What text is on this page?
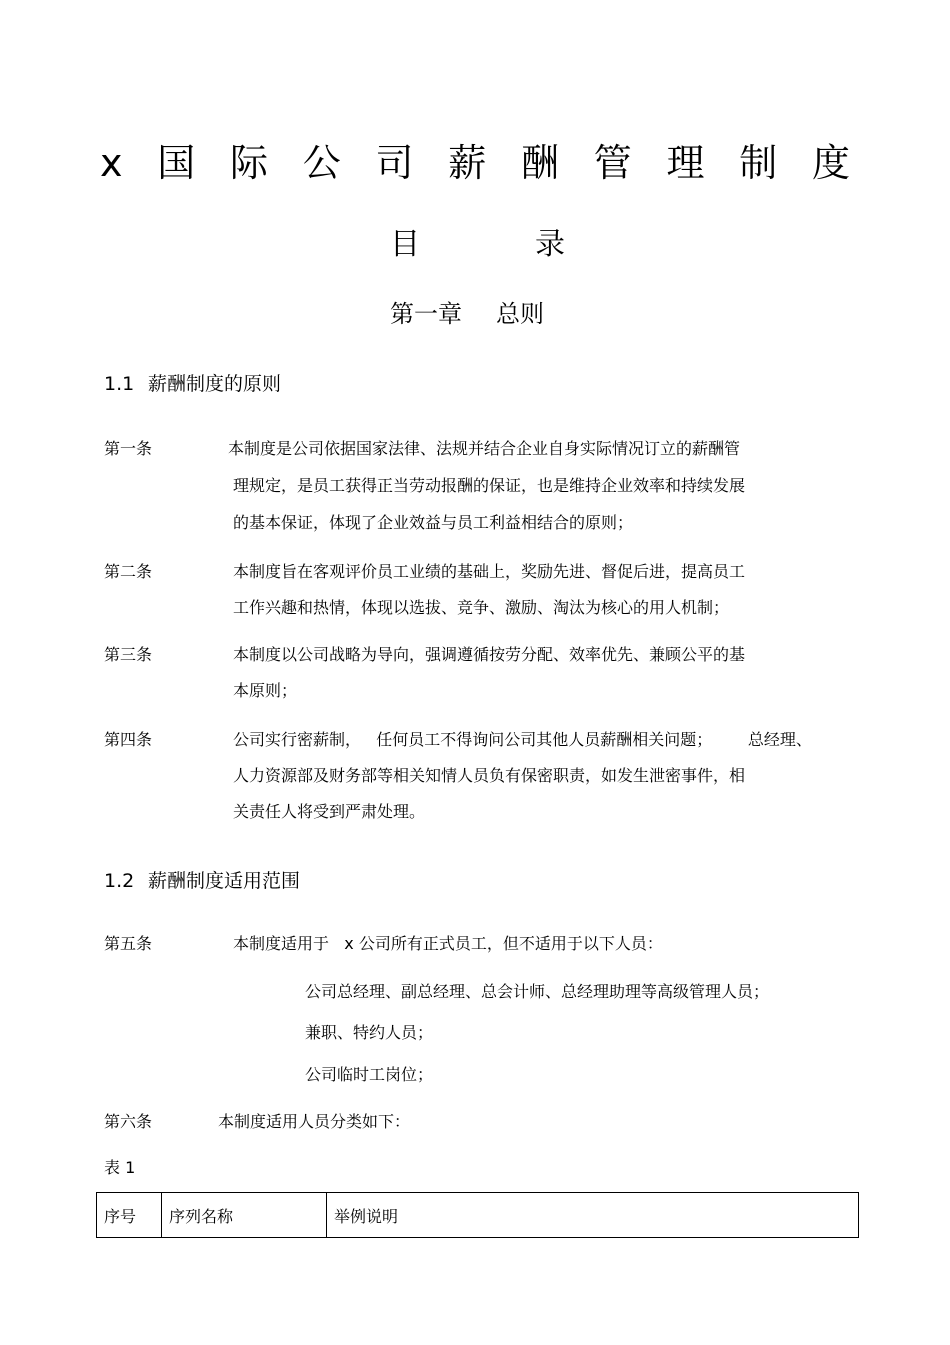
x 国 际 公 司 薪 酬 管 理 制 度
目	录
第一章 总则
1.1 薪酬制度的原则
第一条	本制度是公司依据国家法律、法规并结合企业自身实际情况订立的薪酬管
理规定，是员工获得正当劳动报酬的保证，也是维持企业效率和持续发展
的基本保证，体现了企业效益与员工利益相结合的原则；
第二条	本制度旨在客观评价员工业绩的基础上，奖励先进、督促后进，提高员工
工作兴趣和热情，体现以选拔、竞争、激励、淘汰为核心的用人机制；
第三条	本制度以公司战略为导向，强调遵循按劳分配、效率优先、兼顾公平的基
本原则；
第四条	公司实行密薪制，   任何员工不得询问公司其他人员薪酬相关问题；       总经理、
人力资源部及财务部等相关知情人员负有保密职责，如发生泄密事件，相
关责任人将受到严肃处理。
1.2 薪酬制度适用范围
第五条	本制度适用于   x 公司所有正式员工，但不适用于以下人员：
公司总经理、副总经理、总会计师、总经理助理等高级管理人员；
兼职、特约人员；
公司临时工岗位；
第六条	本制度适用人员分类如下：
表 1
序号	序列名称	举例说明
